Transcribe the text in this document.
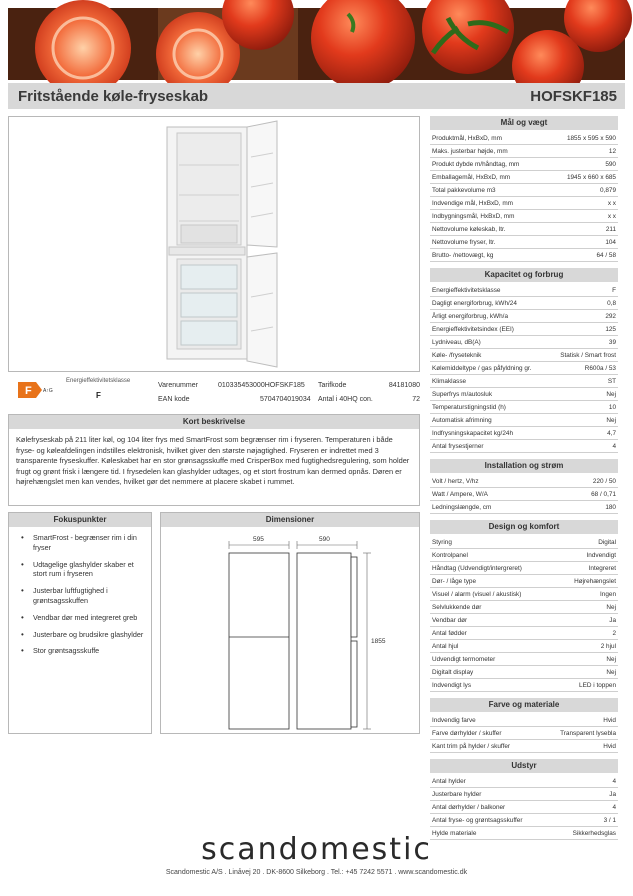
Fritstående køle-fryseskab	HOFSKF185
F A↑G
Energieffektivitetsklasse
F
Varenummer	010335453000HOFSKF185	Tarifkode	84181080
EAN kode	5704704019034	Antal i 40HQ con.	72
Kort beskrivelse

Kølefryseskab på 211 liter køl, og 104 liter frys med SmartFrost som begrænser rim i fryseren. Temperaturen i både fryse- og køleafdelingen indstilles elektronisk, hvilket giver den største nøjagtighed. Fryseren er indrettet med 3 transparente fryseskuffer. Køleskabet har en stor grønsagsskuffe med CrisperBox med fugtighedsregulering, som holder frugt og grønt frisk i længere tid. I frysedelen kan glashylder udtages, og et stort frostrum kan dermed opnås. Døren er højrehængslet men kan vendes, hvilket gør det nemmere at placere skabet i rummet.

Fokuspunkter
• SmartFrost - begrænser rim i din fryser
• Udtagelige glashylder skaber et stort rum i fryseren
• Justerbar luftfugtighed i grøntsagsskuffen
• Vendbar dør med integreret greb
• Justerbare og brudsikre glashylder
• Stor grøntsagsskuffe
Dimensioner
595	590
1855
Mål og vægt
Produktmål, HxBxD, mm	1855 x 595 x 590
Maks. justerbar højde, mm	12
Produkt dybde m/håndtag, mm	590
Emballagemål, HxBxD, mm	1945 x 660 x 685
Total pakkevolume m3	0,879
Indvendige mål, HxBxD, mm	x x
Indbygningsmål, HxBxD, mm	x x
Nettovolume køleskab, ltr.	211
Nettovolume fryser, ltr.	104
Brutto- /nettovægt, kg	64 / 58
Kapacitet og forbrug
Energieffektivitetsklasse	F
Dagligt energiforbrug, kWh/24	0,8
Årligt energiforbrug, kWh/a	292
Energieffektivitetsindex (EEI)	125
Lydniveau, dB(A)	39
Køle- /fryseteknik	Statisk / Smart frost
Kølemiddeltype / gas påfyldning gr.	R600a / 53
Klimaklasse	ST
Superfrys m/autosluk	Nej
Temperaturstigningstid (h)	10
Automatisk afrimning	Nej
Indfrysningskapacitet kg/24h	4,7
Antal frysestjerner	4
Installation og strøm
Volt / hertz, V/hz	220 / 50
Watt / Ampere, W/A	68 / 0,71
Ledningslængde, cm	180
Design og komfort
Styring	Digital
Kontrolpanel	Indvendigt
Håndtag (Udvendigt/intergreret)	Integreret
Dør- / låge type	Højrehængslet
Visuel / alarm (visuel / akustisk)	Ingen
Selvlukkende dør	Nej
Vendbar dør	Ja
Antal fødder	2
Antal hjul	2 hjul
Udvendigt termometer	Nej
Digitalt display	Nej
Indvendigt lys	LED i toppen
Farve og materiale
Indvendig farve	Hvid
Farve dørhylder / skuffer	Transparent lysebla
Kant trim på hylder / skuffer	Hvid
Udstyr
Antal hylder	4
Justerbare hylder	Ja
Antal dørhylder / balkoner	4
Antal fryse- og grøntsagsskuffer	3 / 1
Hylde materiale	Sikkerhedsglas
scandomestic
Scandomestic A/S . Linåvej 20 . DK-8600 Silkeborg . Tel.: +45 7242 5571 . www.scandomestic.dk
